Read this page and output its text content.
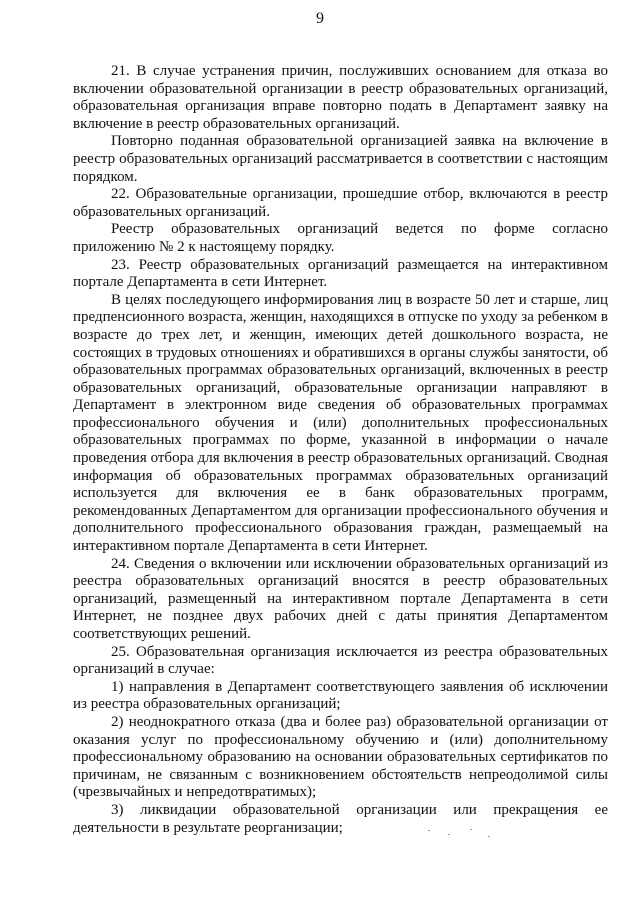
9

21. В случае устранения причин, послуживших основанием для отказа во включении образовательной организации в реестр образовательных организаций, образовательная организация вправе повторно подать в Департамент заявку на включение в реестр образовательных организаций.

Повторно поданная образовательной организацией заявка на включение в реестр образовательных организаций рассматривается в соответствии с настоящим порядком.

22. Образовательные организации, прошедшие отбор, включаются в реестр образовательных организаций.

Реестр образовательных организаций ведется по форме согласно приложению № 2 к настоящему порядку.

23. Реестр образовательных организаций размещается на интерактивном портале Департамента в сети Интернет.

В целях последующего информирования лиц в возрасте 50 лет и старше, лиц предпенсионного возраста, женщин, находящихся в отпуске по уходу за ребенком в возрасте до трех лет, и женщин, имеющих детей дошкольного возраста, не состоящих в трудовых отношениях и обратившихся в органы службы занятости, об образовательных программах образовательных организаций, включенных в реестр образовательных организаций, образовательные организации направляют в Департамент в электронном виде сведения об образовательных программах профессионального обучения и (или) дополнительных профессиональных образовательных программах по форме, указанной в информации о начале проведения отбора для включения в реестр образовательных организаций. Сводная информация об образовательных программах образовательных организаций используется для включения ее в банк образовательных программ, рекомендованных Департаментом для организации профессионального обучения и дополнительного профессионального образования граждан, размещаемый на интерактивном портале Департамента в сети Интернет.

24. Сведения о включении или исключении образовательных организаций из реестра образовательных организаций вносятся в реестр образовательных организаций, размещенный на интерактивном портале Департамента в сети Интернет, не позднее двух рабочих дней с даты принятия Департаментом соответствующих решений.

25. Образовательная организация исключается из реестра образовательных организаций в случае:

1) направления в Департамент соответствующего заявления об исключении из реестра образовательных организаций;

2) неоднократного отказа (два и более раз) образовательной организации от оказания услуг по профессиональному обучению и (или) дополнительному профессиональному образованию на основании образовательных сертификатов по причинам, не связанным с возникновением обстоятельств непреодолимой силы (чрезвычайных и непредотвратимых);

3) ликвидации образовательной организации или прекращения ее деятельности в результате реорганизации;
